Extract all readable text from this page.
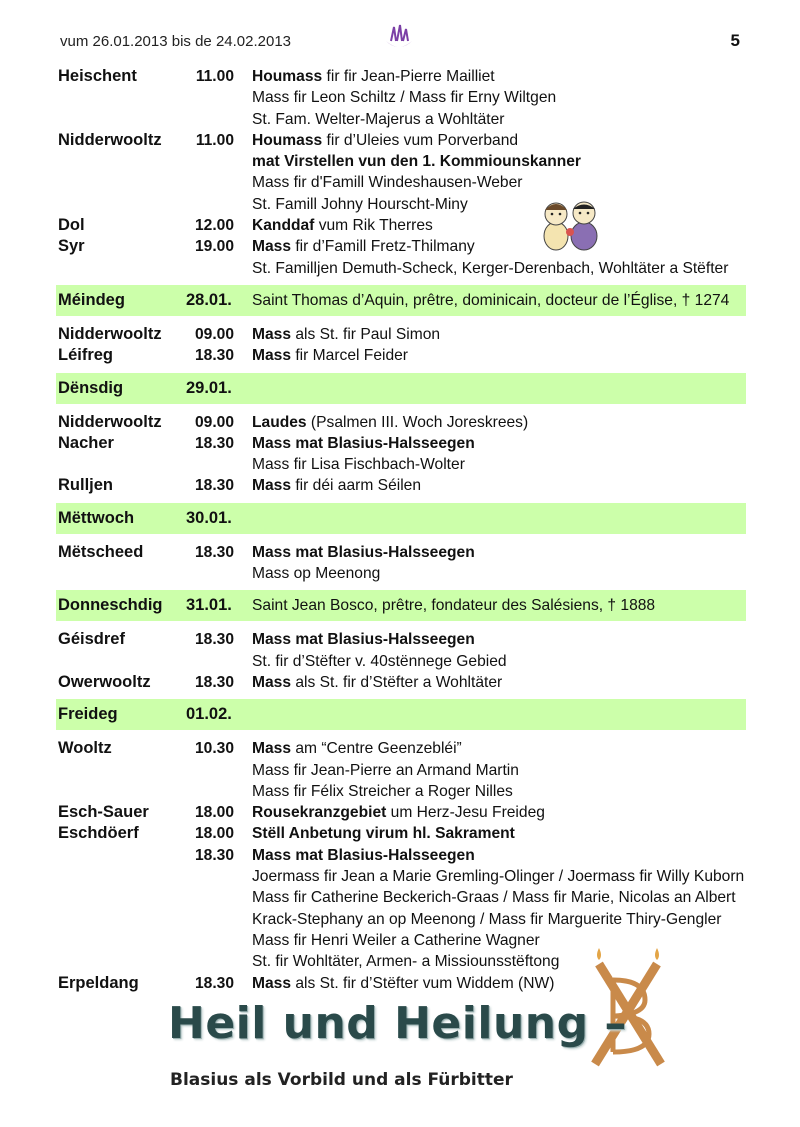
vum 26.01.2013 bis de 24.02.2013	5
Heischent	11.00 Houmass fir fir Jean-Pierre Mailliet
Mass fir Leon Schiltz / Mass fir Erny Wiltgen
St. Fam. Welter-Majerus a Wohltäter
Nidderwooltz 11.00 Houmass fir d’Uleies vum Porverband
mat Virstellen vun den 1. Kommiounskanner
Mass fir d'Famill Windeshausen-Weber
St. Famill Johny Hourscht-Miny
Dol	12.00 Kanddaf vum Rik Therres
Syr	19.00 Mass fir d’Famill Fretz-Thilmany
St. Familljen Demuth-Scheck, Kerger-Derenbach, Wohltäter a Stëfter
Méindeg	28.01. Saint Thomas d’Aquin, prêtre, dominicain, docteur de l’Église, † 1274
Nidderwooltz 09.00 Mass als St. fir Paul Simon
Léifreg	18.30 Mass fir Marcel Feider
Dënsdig	29.01.
Nidderwooltz 09.00 Laudes (Psalmen III. Woch Joreskrees)
Nacher	18.30 Mass mat Blasius-Halsseegen
Mass fir Lisa Fischbach-Wolter
Rulljen	18.30 Mass fir déi aarm Séilen
Mëttwoch	30.01.
Mëtscheed	18.30 Mass mat Blasius-Halsseegen
Mass op Meenong
Donneschdig 31.01. Saint Jean Bosco, prêtre, fondateur des Salésiens, † 1888
Géisdref	18.30 Mass mat Blasius-Halsseegen
St. fir d’Stëfter v. 40stënnege Gebied
Owerwooltz	18.30 Mass als St. fir d’Stëfter a Wohltäter
Freideg	01.02.
Wooltz	10.30 Mass am “Centre Geenzebléi”
Mass fir Jean-Pierre an Armand Martin
Mass fir Félix Streicher a Roger Nilles
Esch-Sauer	18.00 Rousekranzgebiet um Herz-Jesu Freideg
Eschdöerf	18.00 Stëll Anbetung virum hl. Sakrament
18.30 Mass mat Blasius-Halsseegen
Joermass fir Jean a Marie Gremling-Olinger / Joermass fir Willy Kuborn
Mass fir Catherine Beckerich-Graas / Mass fir Marie, Nicolas an Albert
Krack-Stephany an op Meenong / Mass fir Marguerite Thiry-Gengler
Mass fir Henri Weiler a Catherine Wagner
St. fir Wohltäter, Armen- a Missiounsstëftong
Erpeldang	18.30 Mass als St. fir d’Stëfter vum Widdem (NW)
Heil und Heilung –
Blasius als Vorbild und als Fürbitter
